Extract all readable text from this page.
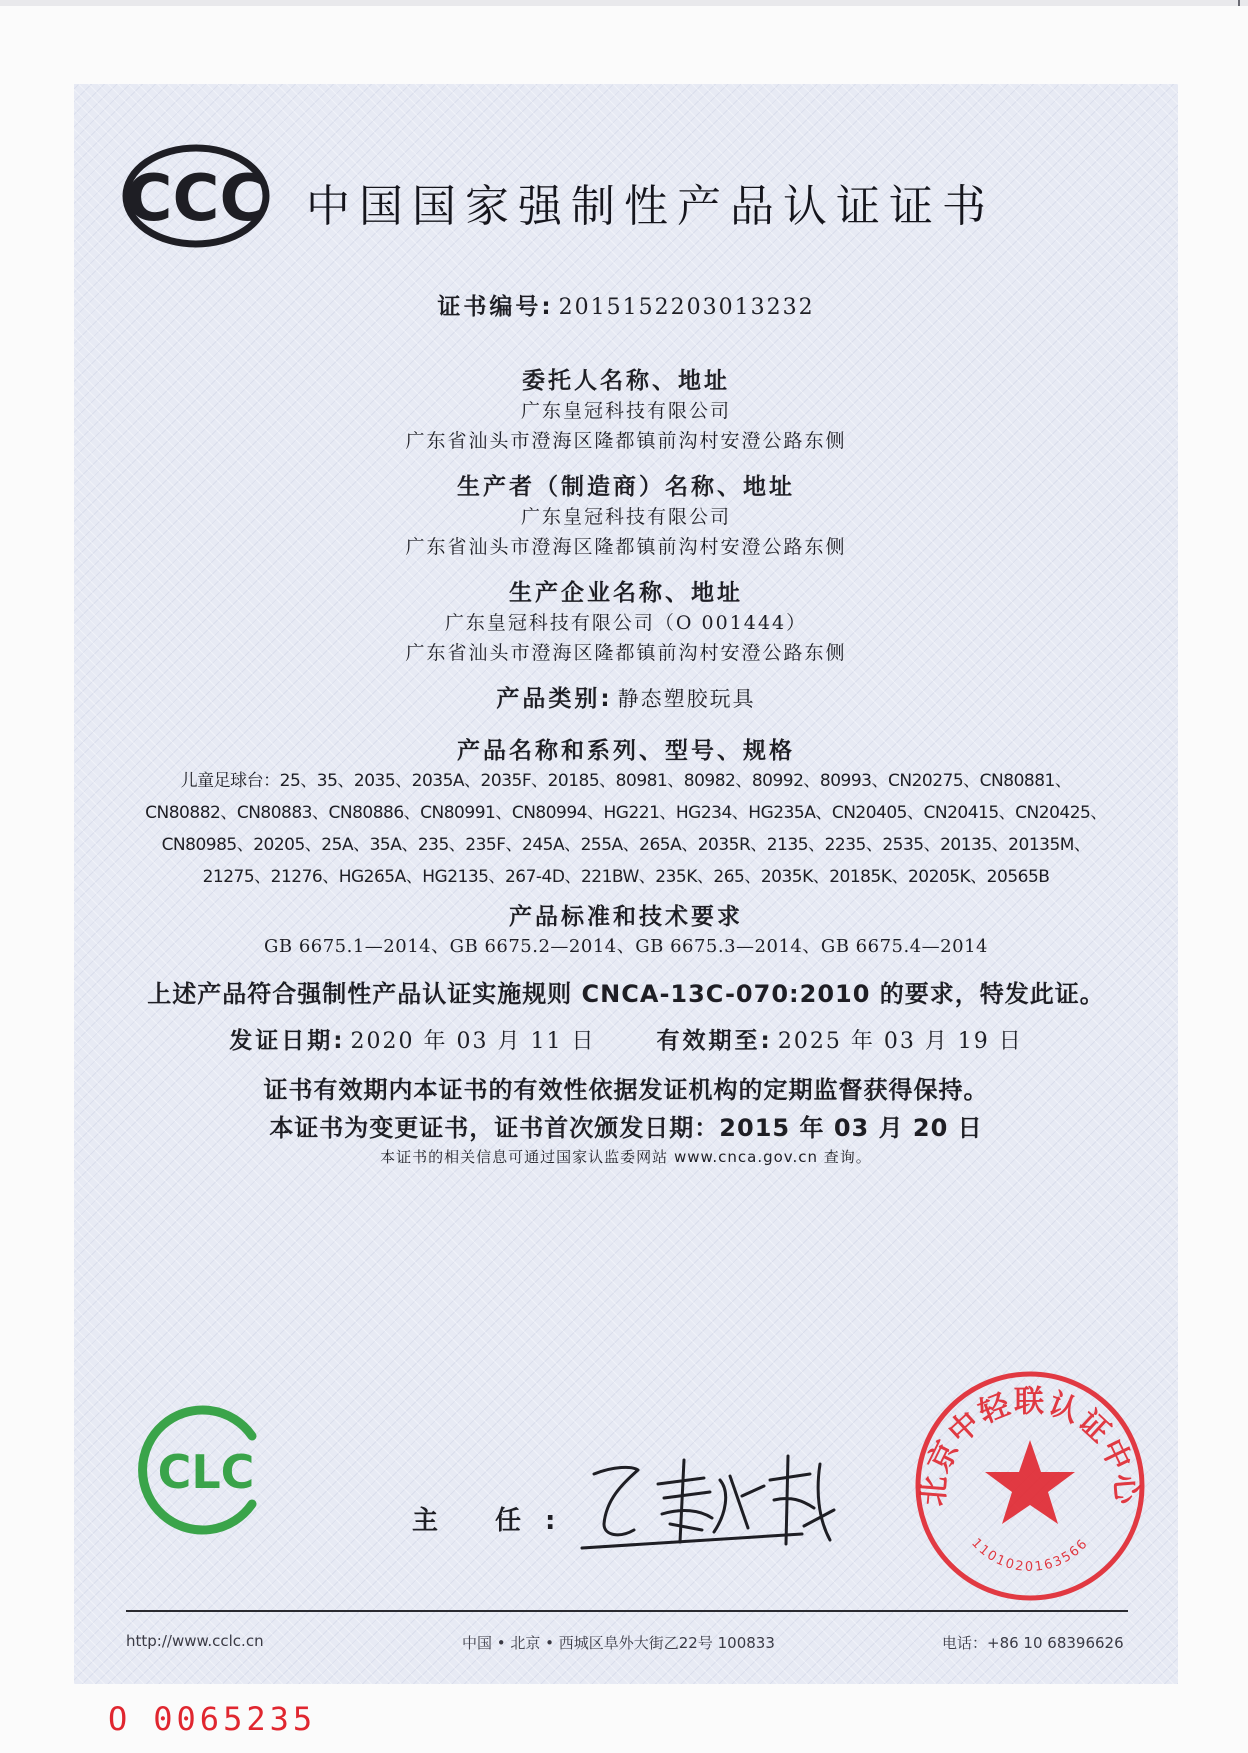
CCC 中国国家强制性产品认证证书
证书编号: 2015152203013232
委托人名称、地址
广东皇冠科技有限公司
广东省汕头市澄海区隆都镇前沟村安澄公路东侧
生产者（制造商）名称、地址
广东皇冠科技有限公司
广东省汕头市澄海区隆都镇前沟村安澄公路东侧
生产企业名称、地址
广东皇冠科技有限公司（O 001444）
广东省汕头市澄海区隆都镇前沟村安澄公路东侧
产品类别: 静态塑胶玩具
产品名称和系列、型号、规格
儿童足球台：25、35、2035、2035A、2035F、20185、80981、80982、80992、80993、CN20275、CN80881、
CN80882、CN80883、CN80886、CN80991、CN80994、HG221、HG234、HG235A、CN20405、CN20415、CN20425、
CN80985、20205、25A、35A、235、235F、245A、255A、265A、2035R、2135、2235、2535、20135、20135M、
21275、21276、HG265A、HG2135、267-4D、221BW、235K、265、2035K、20185K、20205K、20565B
产品标准和技术要求
GB 6675.1—2014、GB 6675.2—2014、GB 6675.3—2014、GB 6675.4—2014
上述产品符合强制性产品认证实施规则 CNCA-13C-070:2010 的要求，特发此证。
发证日期: 2020 年 03 月 11 日	有效期至: 2025 年 03 月 19 日
证书有效期内本证书的有效性依据发证机构的定期监督获得保持。
本证书为变更证书，证书首次颁发日期：2015 年 03 月 20 日
本证书的相关信息可通过国家认监委网站 www.cnca.gov.cn 查询。
CLC
主 任:
北京中轻联认证中心
1101020163566
http://www.cclc.cn	中国 • 北京 • 西城区阜外大街乙22号 100833	电话：+86 10 68396626
O 0065235
